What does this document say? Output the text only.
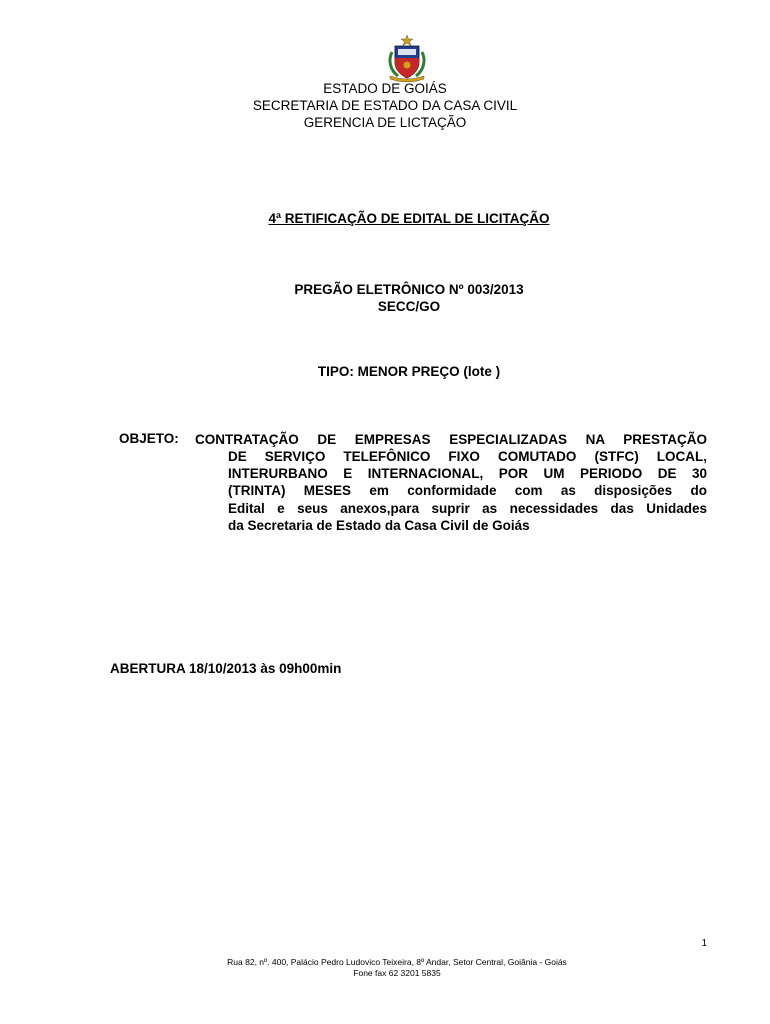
ESTADO DE GOIÁS
SECRETARIA DE ESTADO DA CASA CIVIL
GERENCIA DE LICTAÇÃO
4ª RETIFICAÇÃO DE EDITAL DE LICITAÇÃO
PREGÃO ELETRÔNICO Nº 003/2013
SECC/GO
TIPO: MENOR PREÇO (lote )
OBJETO: CONTRATAÇÃO DE EMPRESAS ESPECIALIZADAS NA PRESTAÇÃO
DE SERVIÇO TELEFÔNICO FIXO COMUTADO (STFC) LOCAL,
INTERURBANO E INTERNACIONAL, POR UM PERIODO DE 30
(TRINTA) MESES em conformidade com as disposições do
Edital e seus anexos,para suprir as necessidades das Unidades
da Secretaria de Estado da Casa Civil de Goiás
ABERTURA 18/10/2013 às 09h00min
1
Rua 82, nº. 400, Palácio Pedro Ludovico Teixeira, 8º Andar, Setor Central, Goiânia - Goiás
Fone fax 62 3201 5835
